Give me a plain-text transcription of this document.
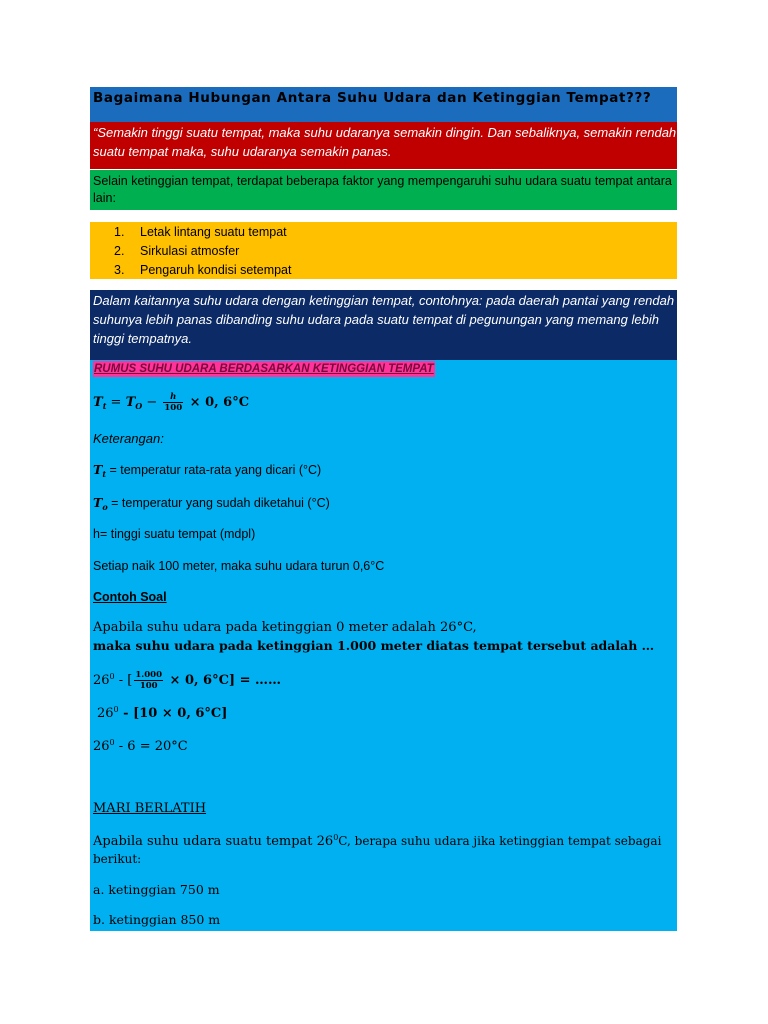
Bagaimana Hubungan Antara Suhu Udara dan Ketinggian Tempat???
“Semakin tinggi suatu tempat, maka suhu udaranya semakin dingin. Dan sebaliknya, semakin rendah suatu tempat maka, suhu udaranya semakin panas.
Selain ketinggian tempat, terdapat beberapa faktor yang mempengaruhi suhu udara suatu tempat antara lain:
1.	Letak lintang suatu tempat
2.	Sirkulasi atmosfer
3.	Pengaruh kondisi setempat
Dalam kaitannya suhu udara dengan ketinggian tempat, contohnya: pada daerah pantai yang rendah suhunya lebih panas dibanding suhu udara pada suatu tempat di pegunungan yang memang lebih tinggi tempatnya.
RUMUS SUHU UDARA BERDASARKAN KETINGGIAN TEMPAT
$T_t = T_O - \frac{h}{100}$ × 𝟎, 𝟔°C
Keterangan:
$T_t$ = temperatur rata-rata yang dicari (°C)
$T_o$ = temperatur yang sudah diketahui (°C)
h= tinggi suatu tempat (mdpl)
Setiap naik 100 meter, maka suhu udara turun 0,6°C
Contoh Soal
Apabila suhu udara pada ketinggian 0 meter adalah 26°C,
maka suhu udara pada ketinggian 1.000 meter diatas tempat tersebut adalah …
$26^0$ - [ $\frac{1.000}{100}$ × 𝟎, 𝟔°C] = ……
$26^0$ - [𝟏𝟎 × 𝟎, 𝟔°C]
$26^0 - 6 = 20^\circ C$
MARI BERLATIH
Apabila suhu udara suatu tempat $26^0C$, berapa suhu udara jika ketinggian tempat sebagai
berikut:
a. ketinggian 750 m
b. ketinggian 850 m
